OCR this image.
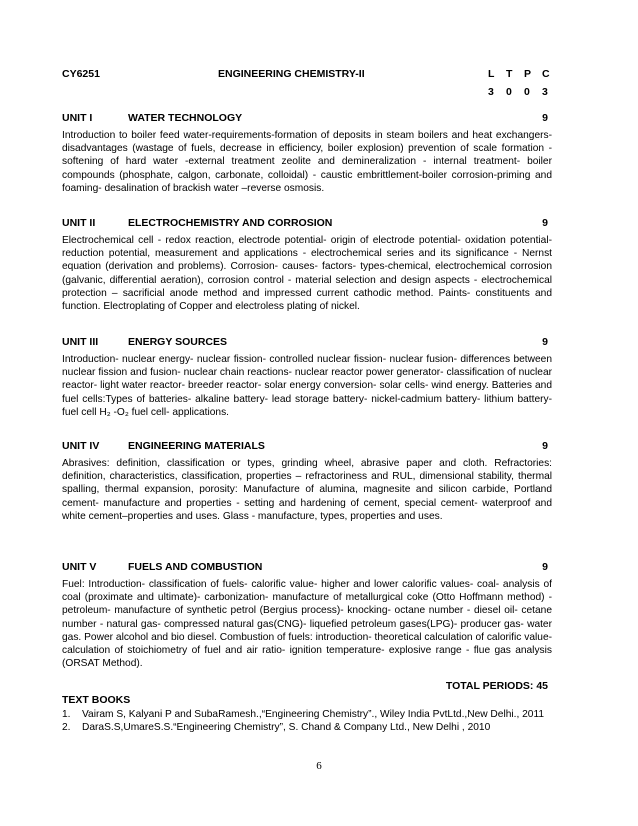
CY6251	ENGINEERING CHEMISTRY-II	L	T	P	C
3	0	0	3
UNIT I	WATER TECHNOLOGY	9
Introduction to boiler feed water-requirements-formation of deposits in steam boilers and heat exchangers- disadvantages (wastage of fuels, decrease in efficiency, boiler explosion) prevention of scale formation -softening of hard water -external treatment zeolite and demineralization - internal treatment- boiler compounds (phosphate, calgon, carbonate, colloidal) - caustic embrittlement-boiler corrosion-priming and foaming- desalination of brackish water –reverse osmosis.
UNIT II	ELECTROCHEMISTRY AND CORROSION	9
Electrochemical cell - redox reaction, electrode potential- origin of electrode potential- oxidation potential- reduction potential, measurement and applications - electrochemical series and its significance - Nernst equation (derivation and problems). Corrosion- causes- factors- types-chemical, electrochemical corrosion (galvanic, differential aeration), corrosion control - material selection and design aspects - electrochemical protection – sacrificial anode method and impressed current cathodic method. Paints- constituents and function. Electroplating of Copper and electroless plating of nickel.
UNIT III	ENERGY SOURCES	9
Introduction- nuclear energy- nuclear fission- controlled nuclear fission- nuclear fusion- differences between nuclear fission and fusion- nuclear chain reactions- nuclear reactor power generator- classification of nuclear reactor- light water reactor- breeder reactor- solar energy conversion- solar cells- wind energy. Batteries and fuel cells:Types of batteries- alkaline battery- lead storage battery- nickel-cadmium battery- lithium battery- fuel cell H₂ -O₂ fuel cell- applications.
UNIT IV	ENGINEERING MATERIALS	9
Abrasives: definition, classification or types, grinding wheel, abrasive paper and cloth. Refractories: definition, characteristics, classification, properties – refractoriness and RUL, dimensional stability, thermal spalling, thermal expansion, porosity: Manufacture of alumina, magnesite and silicon carbide, Portland cement- manufacture and properties - setting and hardening of cement, special cement- waterproof and white cement–properties and uses. Glass - manufacture, types, properties and uses.
UNIT V	FUELS AND COMBUSTION	9
Fuel: Introduction- classification of fuels- calorific value- higher and lower calorific values- coal- analysis of coal (proximate and ultimate)- carbonization- manufacture of metallurgical coke (Otto Hoffmann method) - petroleum- manufacture of synthetic petrol (Bergius process)- knocking- octane number - diesel oil- cetane number - natural gas- compressed natural gas(CNG)- liquefied petroleum gases(LPG)- producer gas- water gas. Power alcohol and bio diesel. Combustion of fuels: introduction- theoretical calculation of calorific value- calculation of stoichiometry of fuel and air ratio- ignition temperature- explosive range - flue gas analysis (ORSAT Method).
TOTAL PERIODS: 45
TEXT BOOKS
1. Vairam S, Kalyani P and SubaRamesh.,“Engineering Chemistry”., Wiley India PvtLtd.,New Delhi., 2011
2. DaraS.S,UmareS.S.“Engineering Chemistry”, S. Chand & Company Ltd., New Delhi , 2010
6
